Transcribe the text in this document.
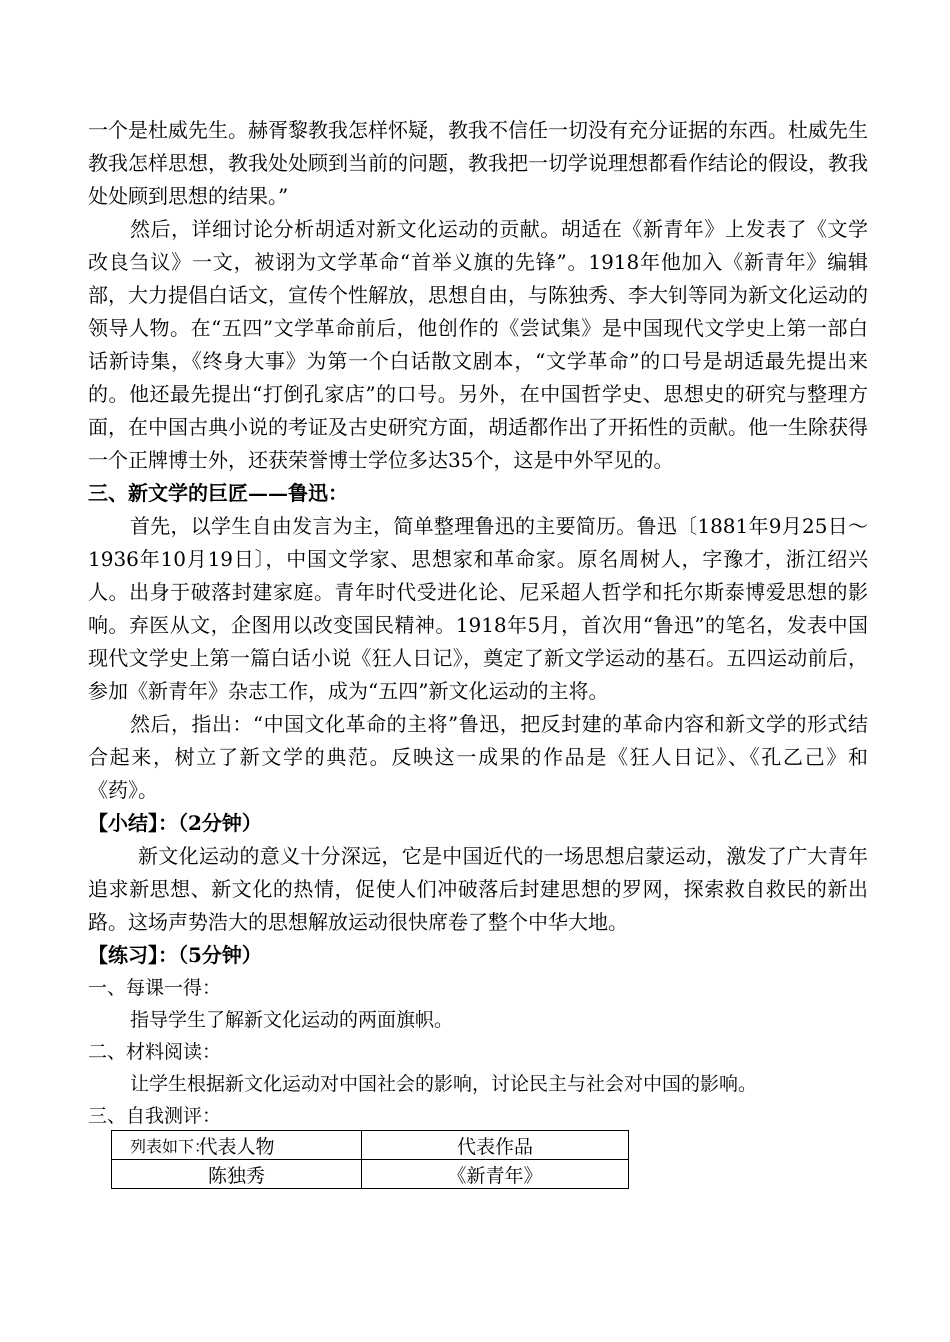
一个是杜威先生。赫胥黎教我怎样怀疑，教我不信任一切没有充分证据的东西。杜威先生教我怎样思想，教我处处顾到当前的问题，教我把一切学说理想都看作结论的假设，教我处处顾到思想的结果。”

然后，详细讨论分析胡适对新文化运动的贡献。胡适在《新青年》上发表了《文学改良刍议》一文，被诩为文学革命“首举义旗的先锋”。1918年他加入《新青年》编辑部，大力提倡白话文，宣传个性解放，思想自由，与陈独秀、李大钊等同为新文化运动的领导人物。在“五四”文学革命前后，他创作的《尝试集》是中国现代文学史上第一部白话新诗集，《终身大事》为第一个白话散文剧本，“文学革命”的口号是胡适最先提出来的。他还最先提出“打倒孔家店”的口号。另外，在中国哲学史、思想史的研究与整理方面，在中国古典小说的考证及古史研究方面，胡适都作出了开拓性的贡献。他一生除获得一个正牌博士外，还获荣誉博士学位多达35个，这是中外罕见的。

三、新文学的巨匠——鲁迅：

首先，以学生自由发言为主，简单整理鲁迅的主要简历。鲁迅〔1881年9月25日～1936年10月19日〕，中国文学家、思想家和革命家。原名周树人，字豫才，浙江绍兴人。出身于破落封建家庭。青年时代受进化论、尼采超人哲学和托尔斯泰博爱思想的影响。弃医从文，企图用以改变国民精神。1918年5月，首次用“鲁迅”的笔名，发表中国现代文学史上第一篇白话小说《狂人日记》，奠定了新文学运动的基石。五四运动前后，参加《新青年》杂志工作，成为“五四”新文化运动的主将。

然后，指出：“中国文化革命的主将”鲁迅，把反封建的革命内容和新文学的形式结合起来，树立了新文学的典范。反映这一成果的作品是《狂人日记》、《孔乙己》和《药》。

【小结】：（2分钟）

新文化运动的意义十分深远，它是中国近代的一场思想启蒙运动，激发了广大青年追求新思想、新文化的热情，促使人们冲破落后封建思想的罗网，探索救自救民的新出路。这场声势浩大的思想解放运动很快席卷了整个中华大地。

【练习】：（5分钟）

一、每课一得：

指导学生了解新文化运动的两面旗帜。

二、材料阅读：

让学生根据新文化运动对中国社会的影响，讨论民主与社会对中国的影响。

三、自我测评：

列表如下：

代表人物	代表作品
陈独秀	《新青年》
